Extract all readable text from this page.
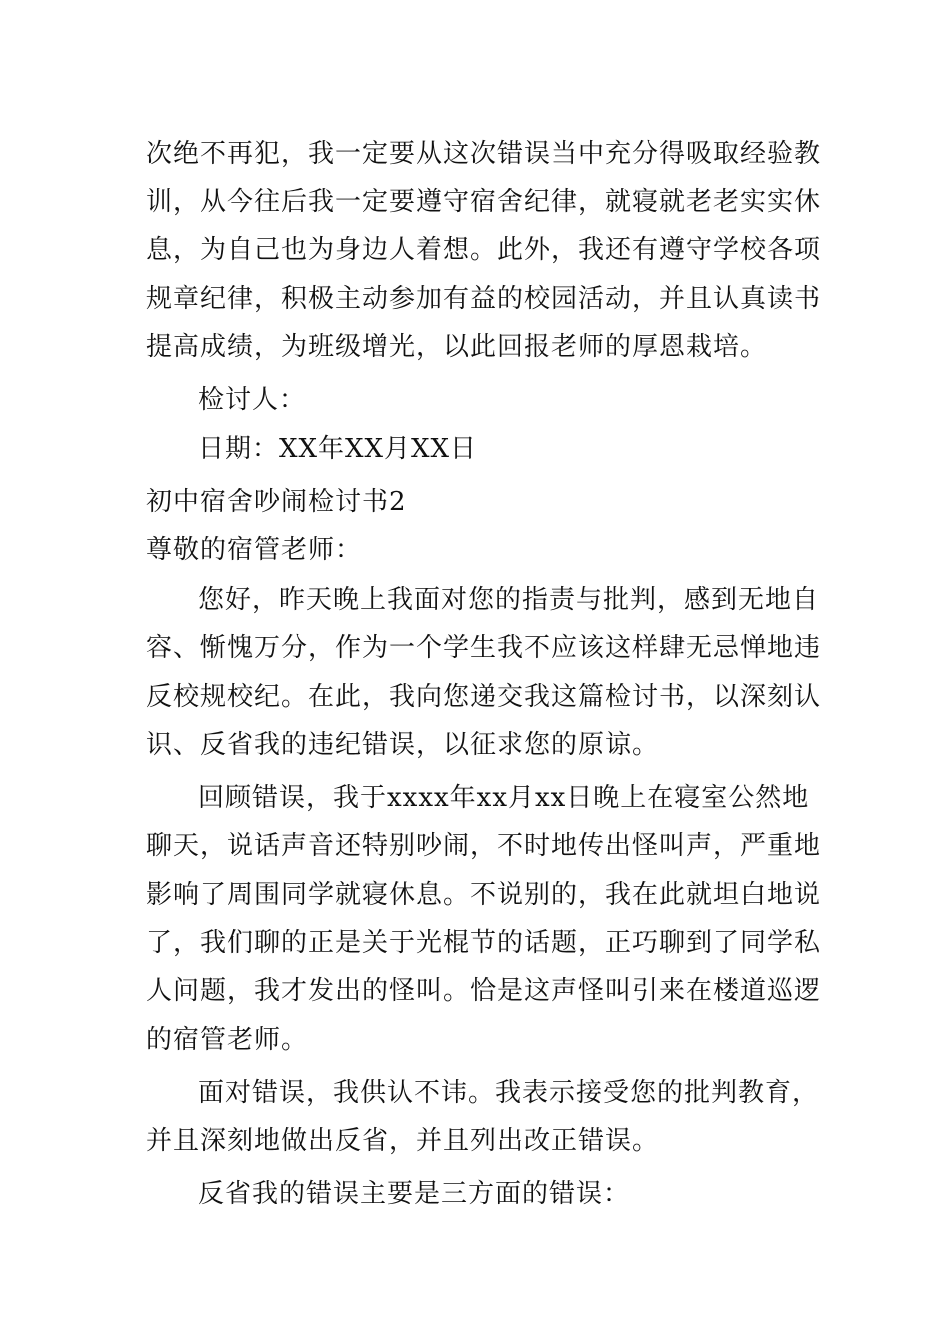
次绝不再犯，我一定要从这次错误当中充分得吸取经验教
训，从今往后我一定要遵守宿舍纪律，就寝就老老实实休
息，为自己也为身边人着想。此外，我还有遵守学校各项
规章纪律，积极主动参加有益的校园活动，并且认真读书
提高成绩，为班级增光，以此回报老师的厚恩栽培。
检讨人：
日期：XX年XX月XX日
初中宿舍吵闹检讨书2
尊敬的宿管老师：
您好，昨天晚上我面对您的指责与批判，感到无地自
容、惭愧万分，作为一个学生我不应该这样肆无忌惮地违
反校规校纪。在此，我向您递交我这篇检讨书，以深刻认
识、反省我的违纪错误，以征求您的原谅。
回顾错误，我于xxxx年xx月xx日晚上在寝室公然地
聊天，说话声音还特别吵闹，不时地传出怪叫声，严重地
影响了周围同学就寝休息。不说别的，我在此就坦白地说
了，我们聊的正是关于光棍节的话题，正巧聊到了同学私
人问题，我才发出的怪叫。恰是这声怪叫引来在楼道巡逻
的宿管老师。
面对错误，我供认不讳。我表示接受您的批判教育，
并且深刻地做出反省，并且列出改正错误。
反省我的错误主要是三方面的错误：
